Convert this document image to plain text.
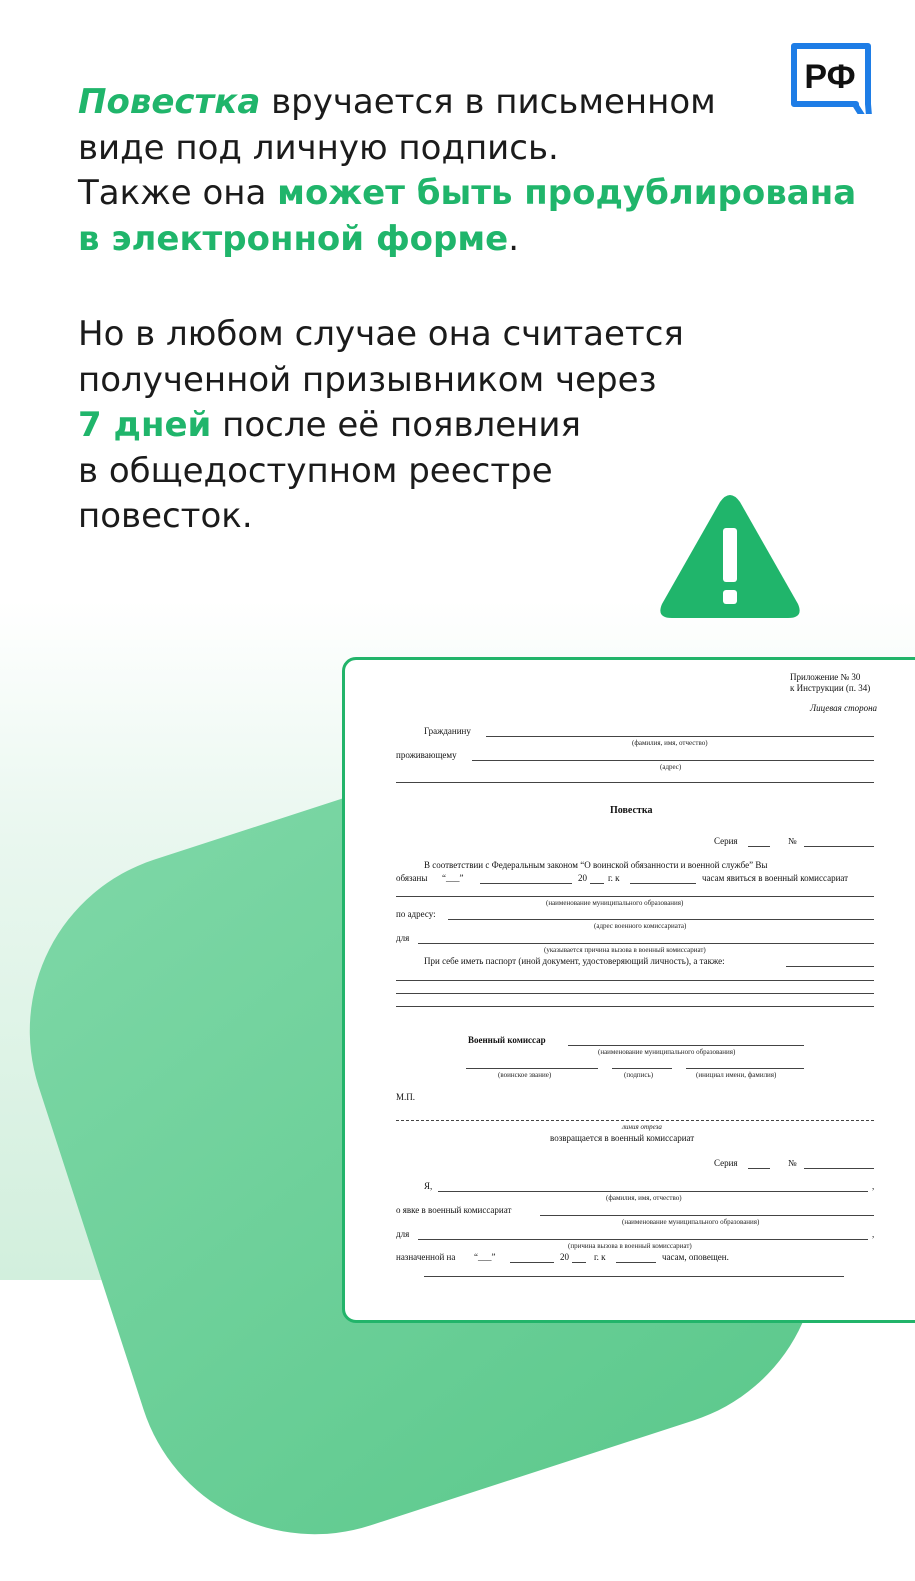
РФ

Повестка вручается в письменном
виде под личную подпись.
Также она может быть продублирована
в электронной форме.

Но в любом случае она считается
полученной призывником через
7 дней после её появления
в общедоступном реестре
повесток.

Приложение № 30
к Инструкции (п. 34)
Лицевая сторона
Гражданину
(фамилия, имя, отчество)
проживающему
(адрес)
Повестка
Серия	№
В соответствии с Федеральным законом “О воинской обязанности и военной службе” Вы
обязаны “___”	20 г. к	часам явиться в военный комиссариат
(наименование муниципального образования)
по адресу:
(адрес военного комиссариата)
для
(указывается причина вызова в военный комиссариат)
При себе иметь паспорт (иной документ, удостоверяющий личность), а также:
Военный комиссар
(наименование муниципального образования)
(воинское звание)	(подпись)	(инициал имени, фамилия)
М.П.
линия отреза
возвращается в военный комиссариат
Серия	№
Я,	,
(фамилия, имя, отчество)
о явке в военный комиссариат
(наименование муниципального образования)
для	,
(причина вызова в военный комиссариат)
назначенной на “___”	20	г. к	часам, оповещен.
